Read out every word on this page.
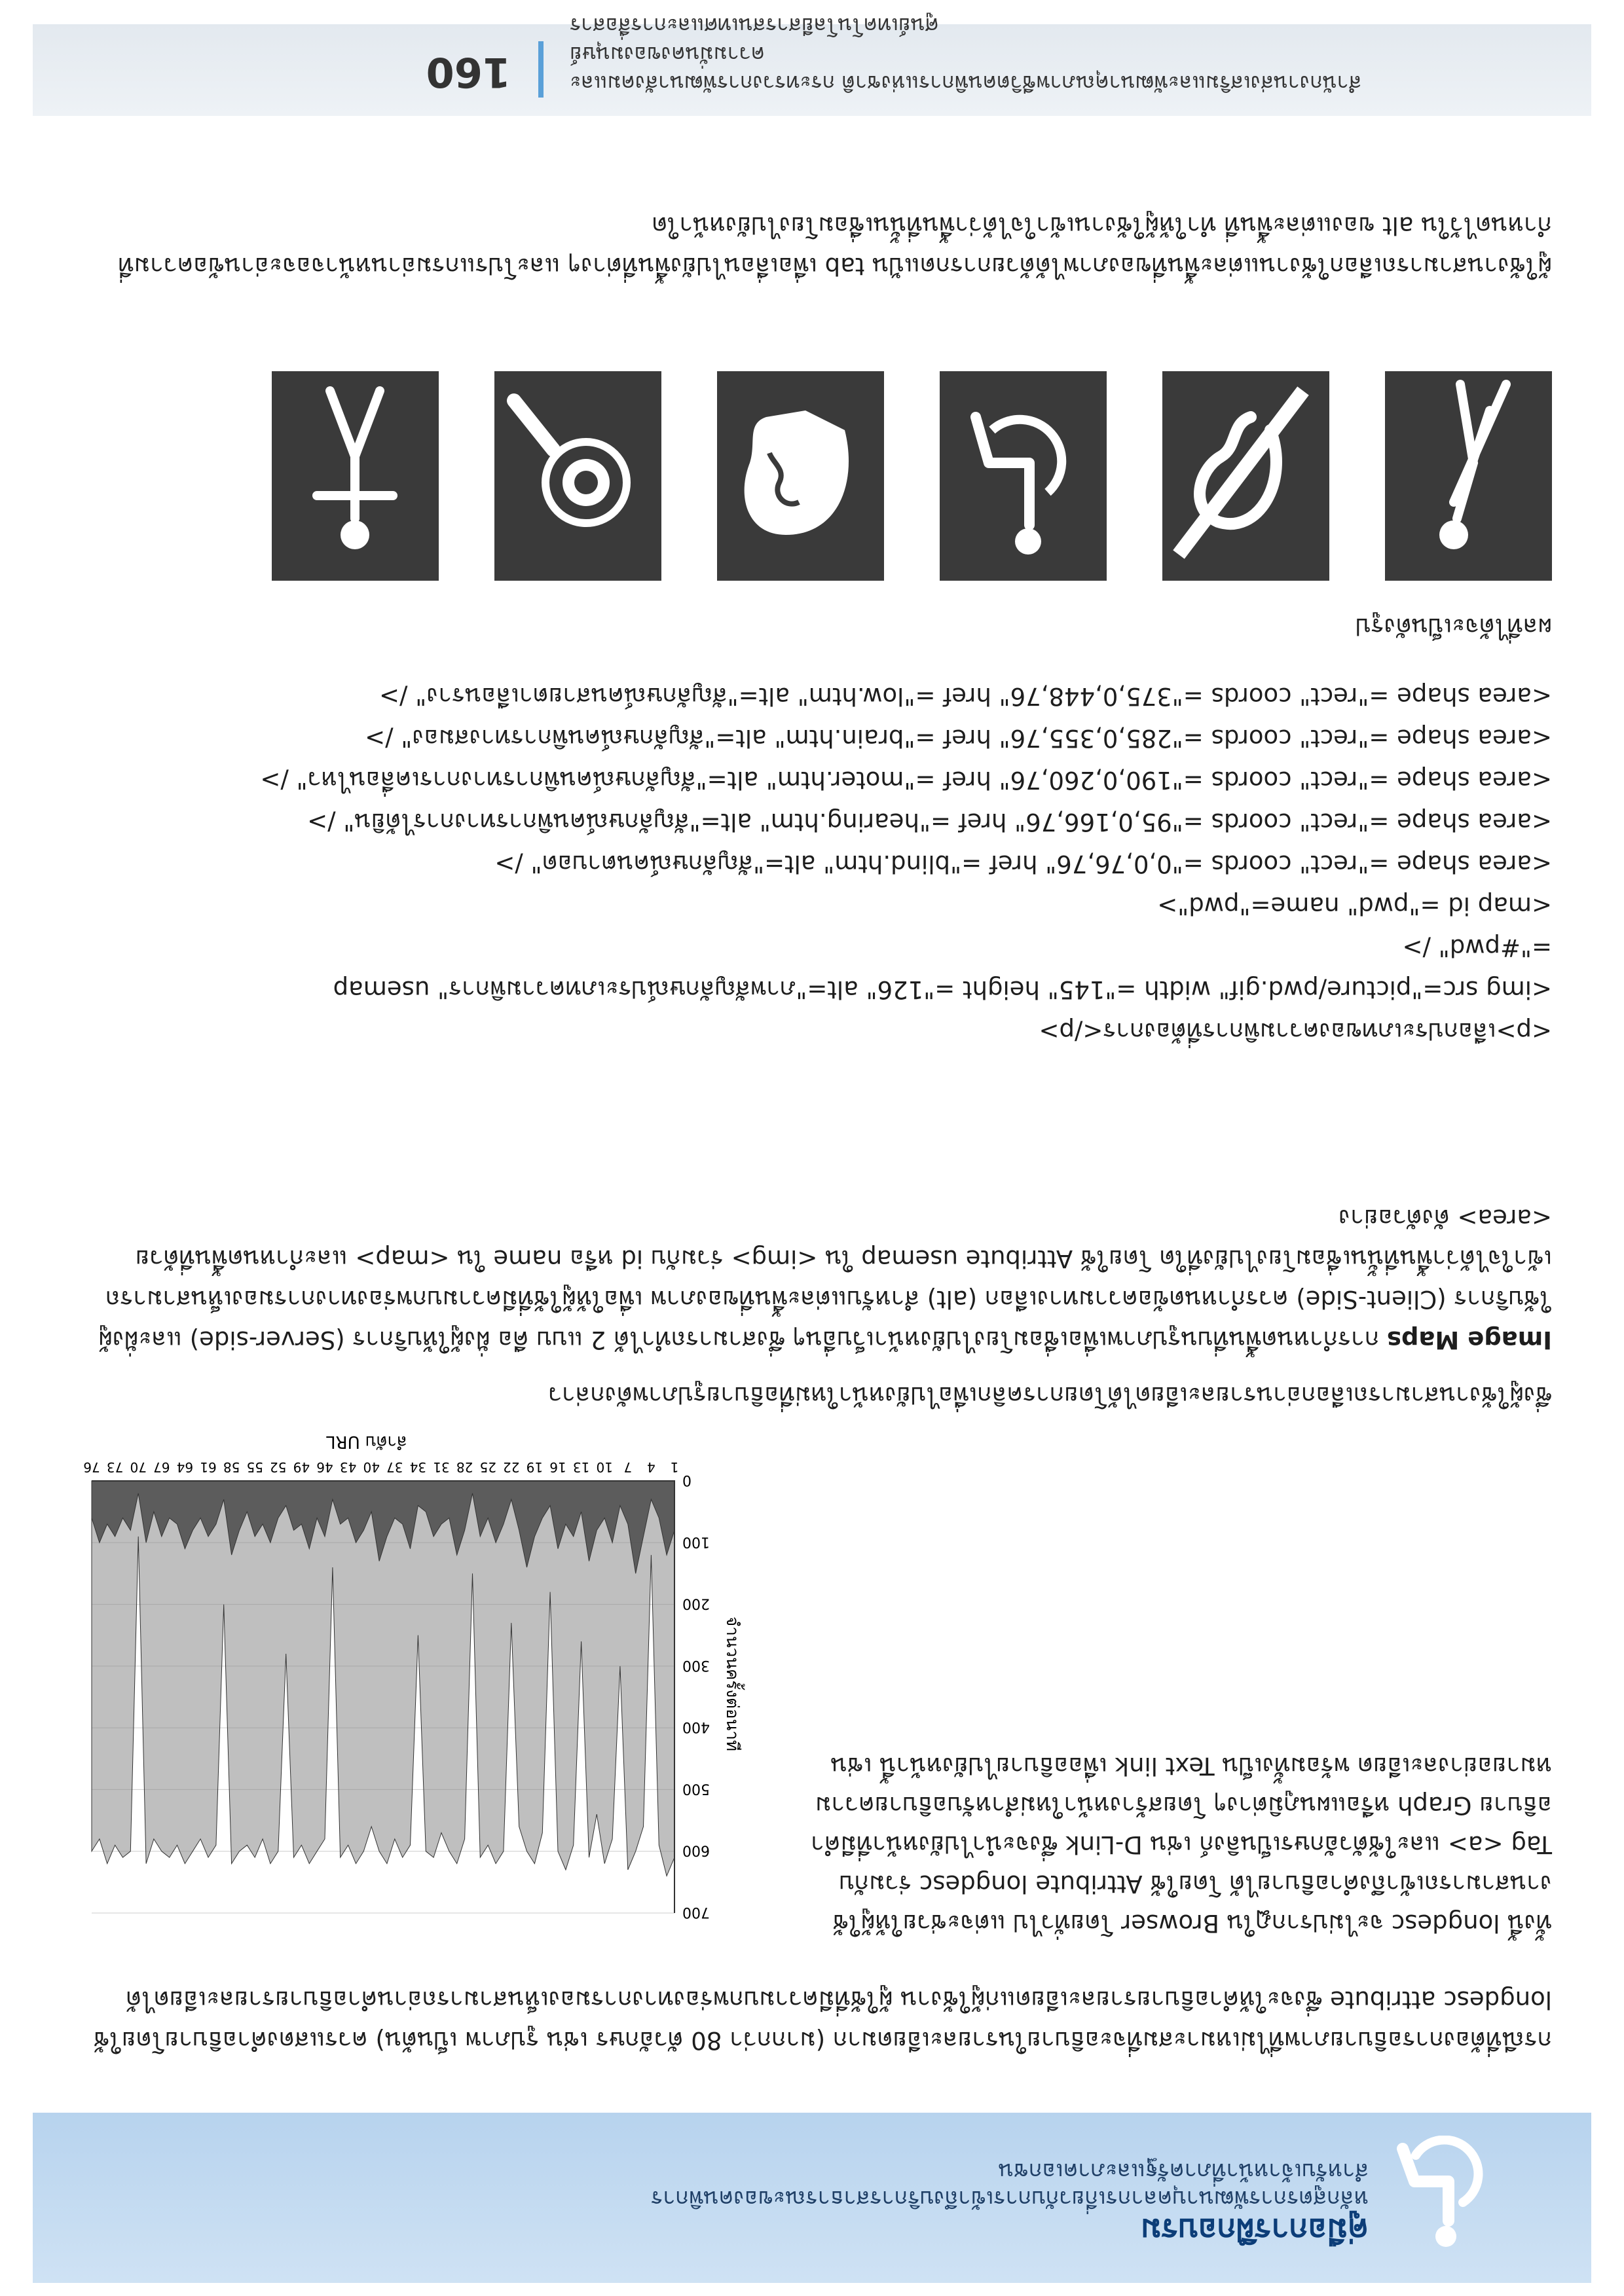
คู่มือการฝึกอบรม
หลักสูตรการพัฒนาบุคลากรเกี่ยวกับการเข้าถึงบริการสาธารณะของคนพิการ
สำหรับเจ้าหน้าที่ภาครัฐและภาคเอกชน
กรณีที่ต้องการอธิบายภาพที่ไม่เหมาะสมที่จะอธิบายในรายละเอียดมาก (มากกว่า 80 ตัวอักษร เช่น รูปภาพ เป็นต้น) ควรแสดงคำอธิบายโดยใช้ longdesc attribute ซึ่งจะให้คำอธิบายรายละเอียดแก่ผู้ใช้งาน ผู้ใช้ที่มีความบกพร่องทางการมองเห็นสามารถอ่านคำอธิบายรายละเอียดได้
ทั้งนี้ longdesc จะไม่ปรากฏใน Browser โดยทั่วไป แต่จะช่วยให้ผู้ใช้งานสามารถเข้าถึงคำอธิบายได้ โดยใช้ Attribute longdesc ร่วมกับ Tag <a> และใช้ตัวอักษรเป็นลิงก์ เช่น D-Link ซึ่งจะนำไปยังหน้าที่มีคำอธิบาย Graph หรือแผนภูมิต่างๆ โดยสร้างหน้าใหม่สำหรับอธิบายความหมายอย่างละเอียด พร้อมทั้งเป็น Text link เพื่ออธิบายไปยังหน้านี้ เช่น
0
100
200
300
400
500
600
700
1
4
7
10
13
16
19
22
25
28
31
34
37
40
43
46
49
52
55
58
61
64
67
70
73
76
ลำดับ URL
จำนวนครั้งต่อนาที
ซึ่งผู้ใช้งานสามารถเลือกอ่านรายละเอียดได้โดยการคลิกเพื่อไปยังหน้าใหม่ที่อธิบายรูปภาพดังกล่าว
Image Maps การกำหนดพื้นที่บนรูปภาพเพื่อเชื่อมโยงไปยังหน้าเว็บอื่นๆ ซึ่งสามารถทำได้ 2 แบบ คือ ฝั่งผู้ให้บริการ (Server-side) และฝั่งผู้ใช้บริการ (Client-Side) ควรกำหนดข้อความทางเลือก (alt) สำหรับแต่ละพื้นที่ของภาพ เพื่อให้ผู้ใช้ที่มีความบกพร่องทางการมองเห็นสามารถเข้าใจได้ว่าพื้นที่นั้นเชื่อมโยงไปยังที่ใด โดยใช้ Attribute usemap ใน <img> ร่วมกับ id หรือ name ใน <map> และกำหนดพื้นที่ด้วย <area> ดังตัวอย่าง
<p>เลือกประเภทของความพิการที่ต้องการ</p>
<img src="picture/pwd.gif" width ="145" height ="126" alt="ภาพสัญลักษณ์ประเภทความพิการ" usemap
="#pwd" />
<map id ="pwd" name="pwd">
<area shape ="rect" coords ="0,0,76,76" href ="blind.htm" alt="สัญลักษณ์คนตาบอด" />
<area shape ="rect" coords ="95,0,166,76" href ="hearing.htm" alt="สัญลักษณ์คนพิการทางการได้ยิน" />
<area shape ="rect" coords ="190,0,260,76" href ="moter.htm" alt="สัญลักษณ์คนพิการทางการเคลื่อนไหว" />
<area shape ="rect" coords ="285,0,355,76" href ="brain.htm" alt="สัญลักษณ์คนพิการทางสมอง" />
<area shape ="rect" coords ="375,0,448,76" href ="low.htm" alt="สัญลักษณ์คนสายตาเลือนราง" />
ผลที่ได้จะเป็นดังรูป
ผู้ใช้งานสามารถเลือกใช้งานแต่ละพื้นที่ของภาพได้ด้วยการกดแป้น tab เพื่อเลื่อนไปยังพื้นที่ต่างๆ และโปรแกรมอ่านหน้าจอจะอ่านข้อความที่กำหนดไว้ใน alt ของแต่ละพื้นที่ ทำให้ผู้ใช้งานเข้าใจได้ว่าพื้นที่นั้นเชื่อมโยงไปยังหน้าใด
สำนักงานส่งเสริมและพัฒนาคุณภาพชีวิตคนพิการแห่งชาติ กระทรวงการพัฒนาสังคมและความมั่นคงของมนุษย์
ศูนย์เทคโนโลยีสารสนเทศและการสื่อสาร
160
